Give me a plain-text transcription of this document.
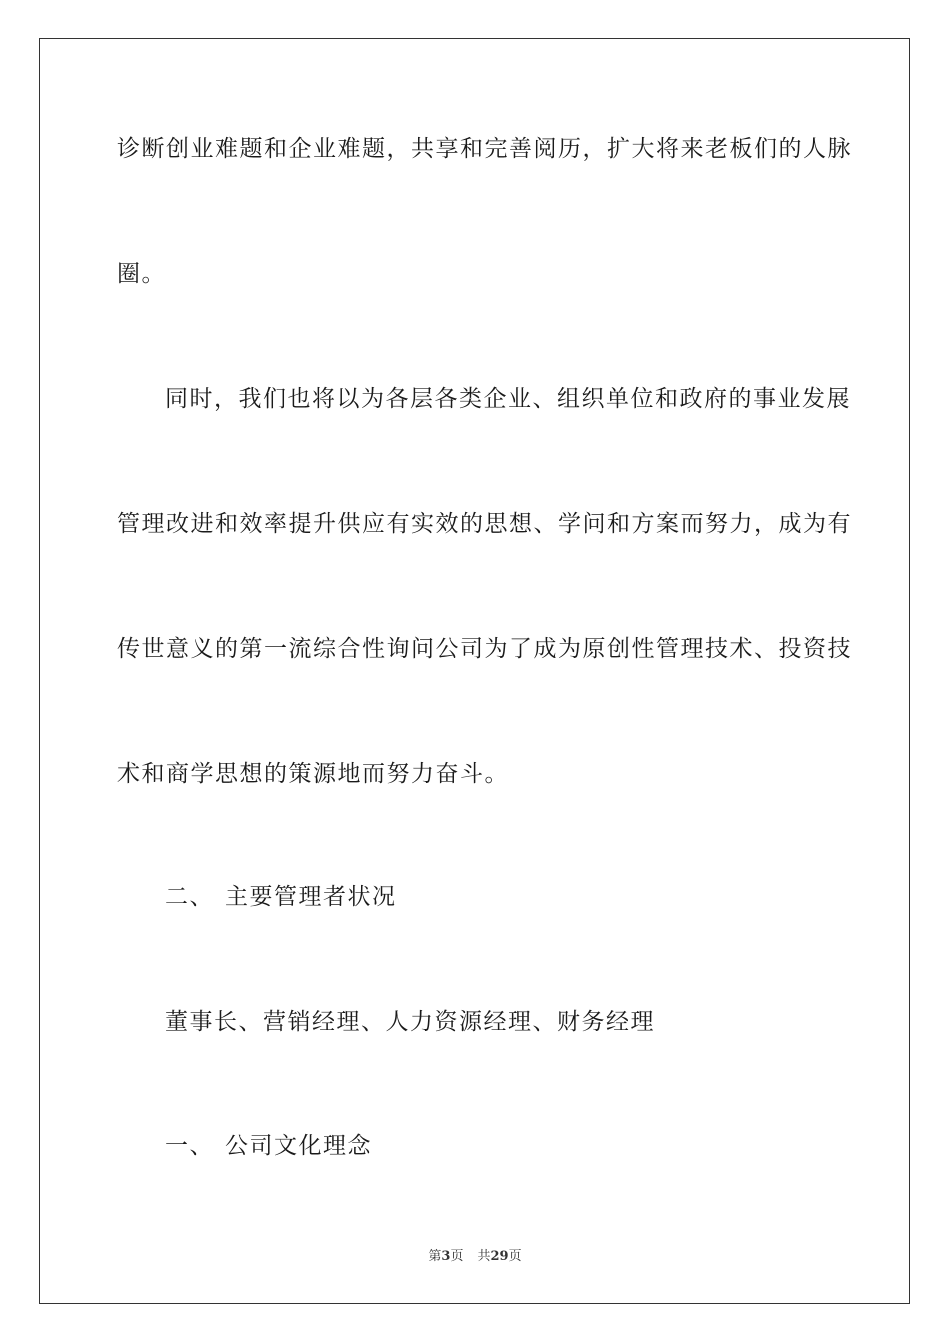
诊断创业难题和企业难题，共享和完善阅历，扩大将来老板们的人脉
圈。
同时，我们也将以为各层各类企业、组织单位和政府的事业发展
管理改进和效率提升供应有实效的思想、学问和方案而努力，成为有
传世意义的第一流综合性询问公司为了成为原创性管理技术、投资技
术和商学思想的策源地而努力奋斗。
二、 主要管理者状况
董事长、营销经理、人力资源经理、财务经理
一、 公司文化理念
第3页 共29页
